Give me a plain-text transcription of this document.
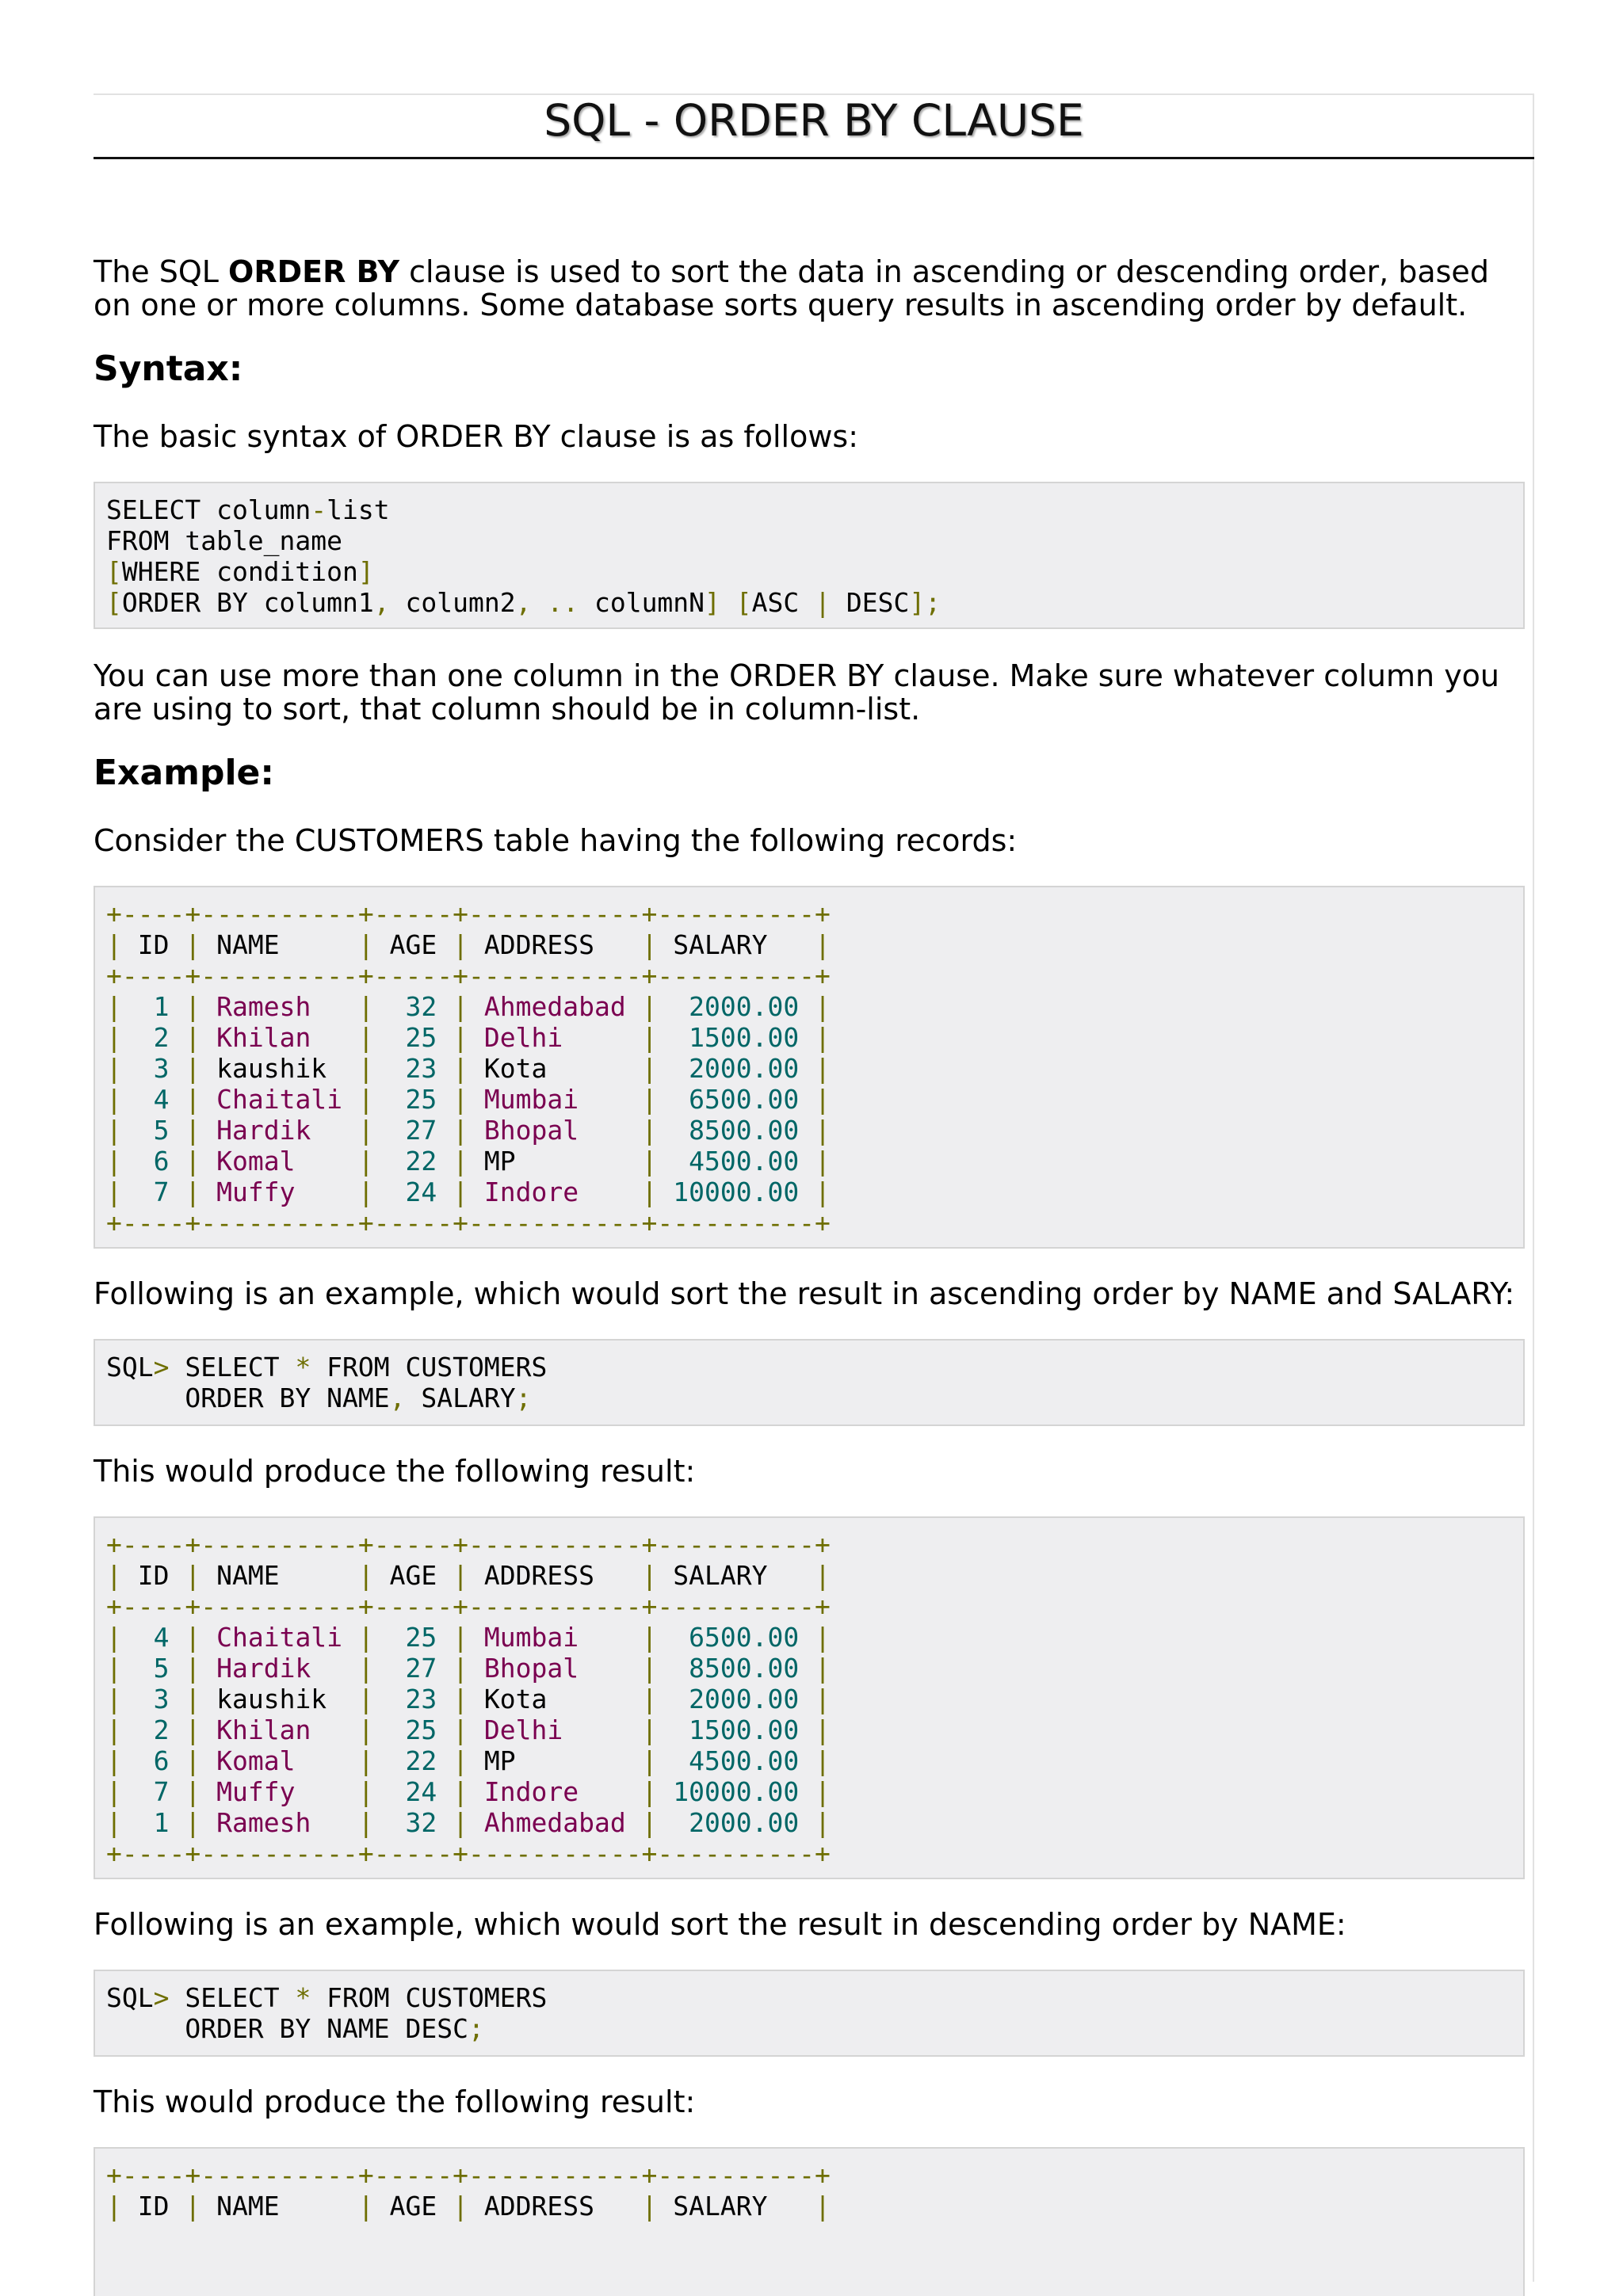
SQL - ORDER BY CLAUSE

The SQL ORDER BY clause is used to sort the data in ascending or descending order, based on one or more columns. Some database sorts query results in ascending order by default.

Syntax:

The basic syntax of ORDER BY clause is as follows:

SELECT column-list
FROM table_name
[WHERE condition]
[ORDER BY column1, column2, .. columnN] [ASC | DESC];

You can use more than one column in the ORDER BY clause. Make sure whatever column you are using to sort, that column should be in column-list.

Example:

Consider the CUSTOMERS table having the following records:

+----+----------+-----+-----------+----------+
| ID | NAME     | AGE | ADDRESS   | SALARY   |
+----+----------+-----+-----------+----------+
|  1 | Ramesh   |  32 | Ahmedabad |  2000.00 |
|  2 | Khilan   |  25 | Delhi     |  1500.00 |
|  3 | kaushik  |  23 | Kota      |  2000.00 |
|  4 | Chaitali |  25 | Mumbai    |  6500.00 |
|  5 | Hardik   |  27 | Bhopal    |  8500.00 |
|  6 | Komal    |  22 | MP        |  4500.00 |
|  7 | Muffy    |  24 | Indore    | 10000.00 |
+----+----------+-----+-----------+----------+

Following is an example, which would sort the result in ascending order by NAME and SALARY:

SQL> SELECT * FROM CUSTOMERS
ORDER BY NAME, SALARY;

This would produce the following result:

+----+----------+-----+-----------+----------+
| ID | NAME     | AGE | ADDRESS   | SALARY   |
+----+----------+-----+-----------+----------+
|  4 | Chaitali |  25 | Mumbai    |  6500.00 |
|  5 | Hardik   |  27 | Bhopal    |  8500.00 |
|  3 | kaushik  |  23 | Kota      |  2000.00 |
|  2 | Khilan   |  25 | Delhi     |  1500.00 |
|  6 | Komal    |  22 | MP        |  4500.00 |
|  7 | Muffy    |  24 | Indore    | 10000.00 |
|  1 | Ramesh   |  32 | Ahmedabad |  2000.00 |
+----+----------+-----+-----------+----------+

Following is an example, which would sort the result in descending order by NAME:

SQL> SELECT * FROM CUSTOMERS
ORDER BY NAME DESC;

This would produce the following result:

+----+----------+-----+-----------+----------+
| ID | NAME     | AGE | ADDRESS   | SALARY   |
